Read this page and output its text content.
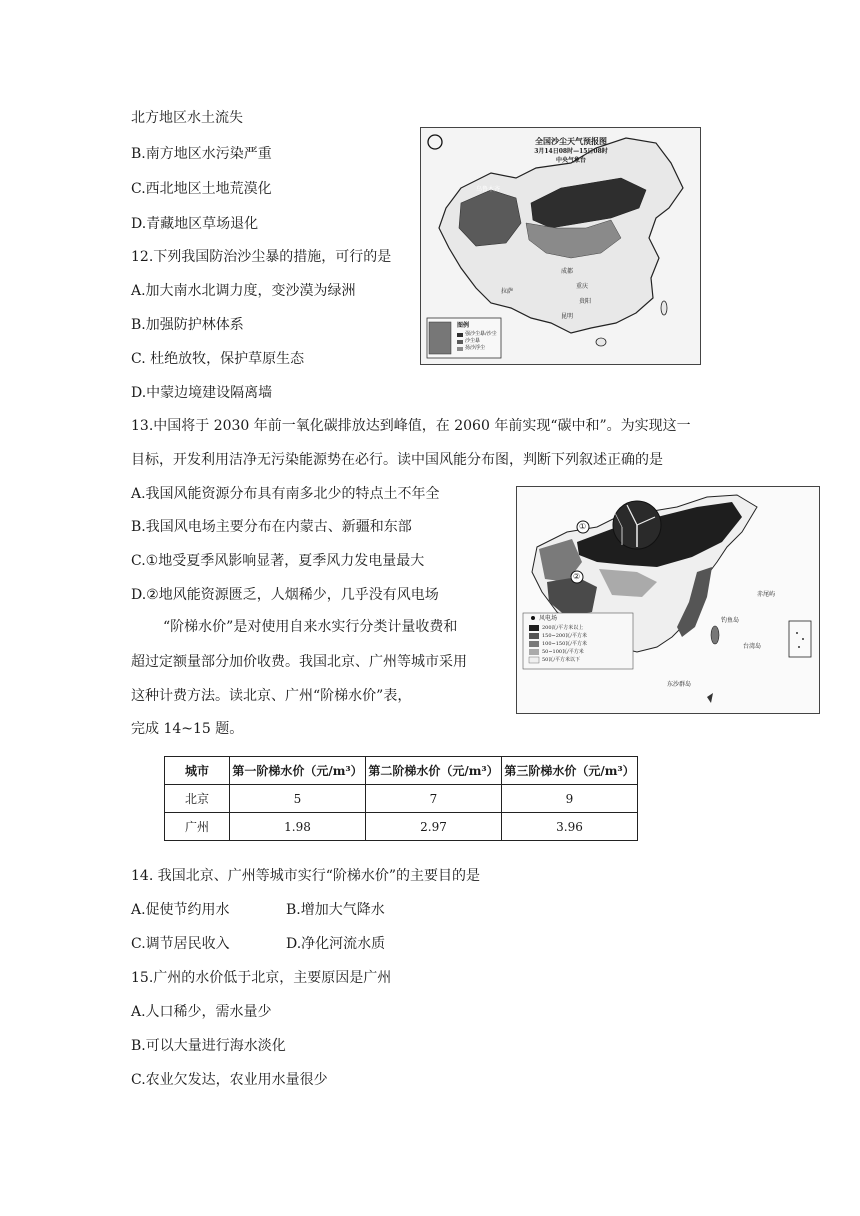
北方地区水土流失
B.南方地区水污染严重
C.西北地区土地荒漠化
D.青藏地区草场退化
12.下列我国防治沙尘暴的措施，可行的是
A.加大南水北调力度，变沙漠为绿洲
B.加强防护林体系
C. 杜绝放牧，保护草原生态
D.中蒙边境建设隔离墙
全国沙尘天气预报图
3月14日08时—15日08时
中央气象台
乌鲁木齐
拉萨
成都
重庆
贵阳
昆明
图例
强沙尘暴/沙尘
沙尘暴
扬沙浮尘
13.中国将于 2030 年前一氧化碳排放达到峰值，在 2060 年前实现“碳中和”。为实现这一
目标，开发利用洁净无污染能源势在必行。读中国风能分布图，判断下列叙述正确的是
A.我国风能资源分布具有南多北少的特点土不年全
B.我国风电场主要分布在内蒙古、新疆和东部
C.①地受夏季风影响显著，夏季风力发电量最大
D.②地风能资源匮乏，人烟稀少，几乎没有风电场
①
②
风电场
200瓦/平方米以上
150~200瓦/平方米
100~150瓦/平方米
50~100瓦/平方米
50瓦/平方米以下
钓鱼岛
赤尾屿
台湾岛
东沙群岛
“阶梯水价”是对使用自来水实行分类计量收费和
超过定额量部分加价收费。我国北京、广州等城市采用
这种计费方法。读北京、广州“阶梯水价”表，
完成 14~15 题。
城市	第一阶梯水价（元/m³）	第二阶梯水价（元/m³）	第三阶梯水价（元/m³）
北京	5	7	9
广州	1.98	2.97	3.96
14. 我国北京、广州等城市实行“阶梯水价”的主要目的是
A.促使节约用水	B.增加大气降水
C.调节居民收入	D.净化河流水质
15.广州的水价低于北京，主要原因是广州
A.人口稀少，需水量少
B.可以大量进行海水淡化
C.农业欠发达，农业用水量很少
